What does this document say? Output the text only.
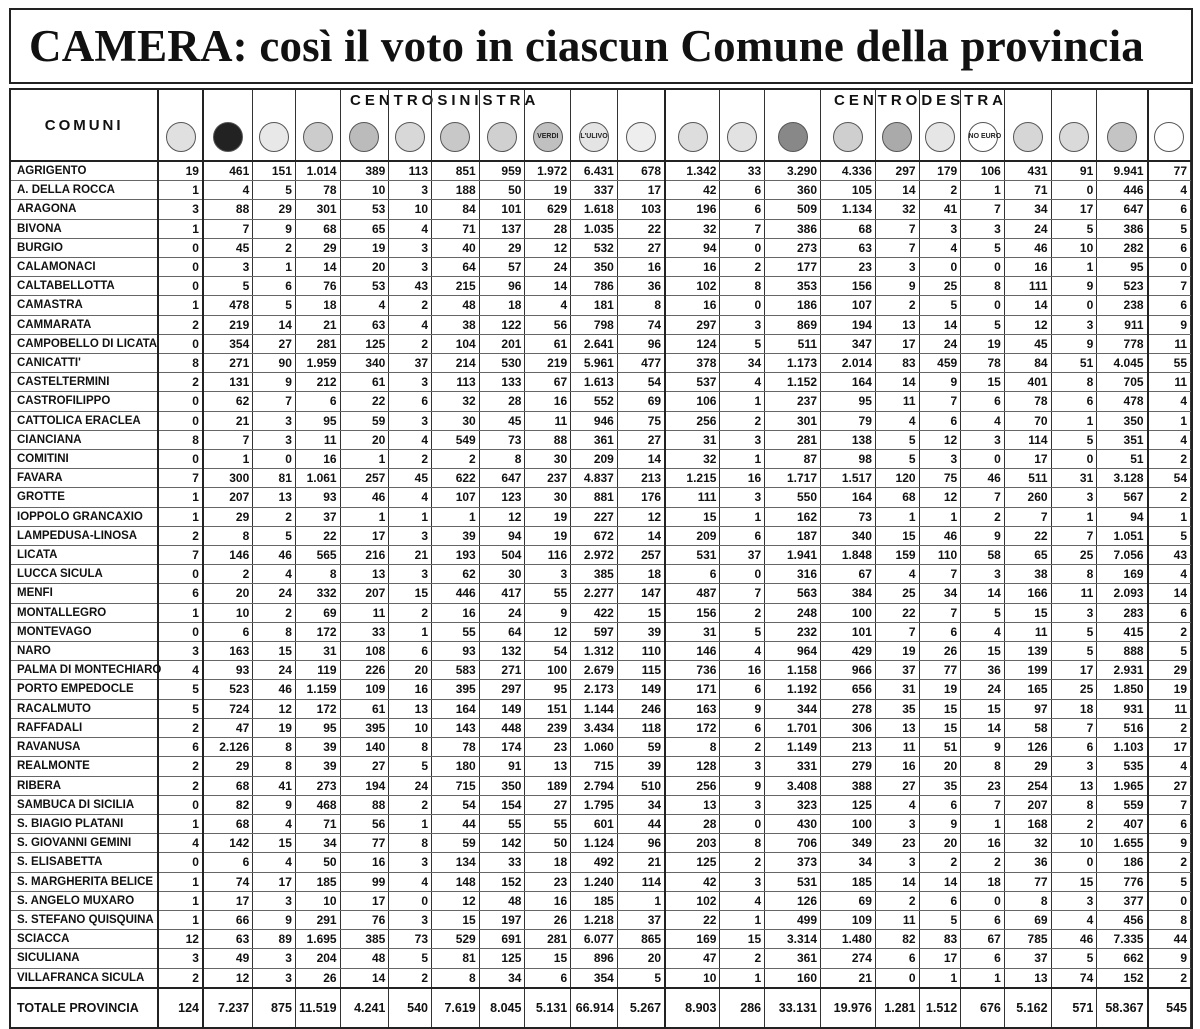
CAMERA: così il voto in ciascun Comune della provincia
CENTROSINISTRA	CENTRODESTRA
COMUNI									VERDI	L'ULIVO								NO EURO				

AGRIGENTO	19	461	151	1.014	389	113	851	959	1.972	6.431	678	1.342	33	3.290	4.336	297	179	106	431	91	9.941	77
A. DELLA ROCCA	1	4	5	78	10	3	188	50	19	337	17	42	6	360	105	14	2	1	71	0	446	4
ARAGONA	3	88	29	301	53	10	84	101	629	1.618	103	196	6	509	1.134	32	41	7	34	17	647	6
BIVONA	1	7	9	68	65	4	71	137	28	1.035	22	32	7	386	68	7	3	3	24	5	386	5
BURGIO	0	45	2	29	19	3	40	29	12	532	27	94	0	273	63	7	4	5	46	10	282	6
CALAMONACI	0	3	1	14	20	3	64	57	24	350	16	16	2	177	23	3	0	0	16	1	95	0
CALTABELLOTTA	0	5	6	76	53	43	215	96	14	786	36	102	8	353	156	9	25	8	111	9	523	7
CAMASTRA	1	478	5	18	4	2	48	18	4	181	8	16	0	186	107	2	5	0	14	0	238	6
CAMMARATA	2	219	14	21	63	4	38	122	56	798	74	297	3	869	194	13	14	5	12	3	911	9
CAMPOBELLO DI LICATA	0	354	27	281	125	2	104	201	61	2.641	96	124	5	511	347	17	24	19	45	9	778	11
CANICATTI'	8	271	90	1.959	340	37	214	530	219	5.961	477	378	34	1.173	2.014	83	459	78	84	51	4.045	55
CASTELTERMINI	2	131	9	212	61	3	113	133	67	1.613	54	537	4	1.152	164	14	9	15	401	8	705	11
CASTROFILIPPO	0	62	7	6	22	6	32	28	16	552	69	106	1	237	95	11	7	6	78	6	478	4
CATTOLICA ERACLEA	0	21	3	95	59	3	30	45	11	946	75	256	2	301	79	4	6	4	70	1	350	1
CIANCIANA	8	7	3	11	20	4	549	73	88	361	27	31	3	281	138	5	12	3	114	5	351	4
COMITINI	0	1	0	16	1	2	2	8	30	209	14	32	1	87	98	5	3	0	17	0	51	2
FAVARA	7	300	81	1.061	257	45	622	647	237	4.837	213	1.215	16	1.717	1.517	120	75	46	511	31	3.128	54
GROTTE	1	207	13	93	46	4	107	123	30	881	176	111	3	550	164	68	12	7	260	3	567	2
IOPPOLO GRANCAXIO	1	29	2	37	1	1	1	12	19	227	12	15	1	162	73	1	1	2	7	1	94	1
LAMPEDUSA-LINOSA	2	8	5	22	17	3	39	94	19	672	14	209	6	187	340	15	46	9	22	7	1.051	5
LICATA	7	146	46	565	216	21	193	504	116	2.972	257	531	37	1.941	1.848	159	110	58	65	25	7.056	43
LUCCA SICULA	0	2	4	8	13	3	62	30	3	385	18	6	0	316	67	4	7	3	38	8	169	4
MENFI	6	20	24	332	207	15	446	417	55	2.277	147	487	7	563	384	25	34	14	166	11	2.093	14
MONTALLEGRO	1	10	2	69	11	2	16	24	9	422	15	156	2	248	100	22	7	5	15	3	283	6
MONTEVAGO	0	6	8	172	33	1	55	64	12	597	39	31	5	232	101	7	6	4	11	5	415	2
NARO	3	163	15	31	108	6	93	132	54	1.312	110	146	4	964	429	19	26	15	139	5	888	5
PALMA DI MONTECHIARO	4	93	24	119	226	20	583	271	100	2.679	115	736	16	1.158	966	37	77	36	199	17	2.931	29
PORTO EMPEDOCLE	5	523	46	1.159	109	16	395	297	95	2.173	149	171	6	1.192	656	31	19	24	165	25	1.850	19
RACALMUTO	5	724	12	172	61	13	164	149	151	1.144	246	163	9	344	278	35	15	15	97	18	931	11
RAFFADALI	2	47	19	95	395	10	143	448	239	3.434	118	172	6	1.701	306	13	15	14	58	7	516	2
RAVANUSA	6	2.126	8	39	140	8	78	174	23	1.060	59	8	2	1.149	213	11	51	9	126	6	1.103	17
REALMONTE	2	29	8	39	27	5	180	91	13	715	39	128	3	331	279	16	20	8	29	3	535	4
RIBERA	2	68	41	273	194	24	715	350	189	2.794	510	256	9	3.408	388	27	35	23	254	13	1.965	27
SAMBUCA DI SICILIA	0	82	9	468	88	2	54	154	27	1.795	34	13	3	323	125	4	6	7	207	8	559	7
S. BIAGIO PLATANI	1	68	4	71	56	1	44	55	55	601	44	28	0	430	100	3	9	1	168	2	407	6
S. GIOVANNI GEMINI	4	142	15	34	77	8	59	142	50	1.124	96	203	8	706	349	23	20	16	32	10	1.655	9
S. ELISABETTA	0	6	4	50	16	3	134	33	18	492	21	125	2	373	34	3	2	2	36	0	186	2
S. MARGHERITA BELICE	1	74	17	185	99	4	148	152	23	1.240	114	42	3	531	185	14	14	18	77	15	776	5
S. ANGELO MUXARO	1	17	3	10	17	0	12	48	16	185	1	102	4	126	69	2	6	0	8	3	377	0
S. STEFANO QUISQUINA	1	66	9	291	76	3	15	197	26	1.218	37	22	1	499	109	11	5	6	69	4	456	8
SCIACCA	12	63	89	1.695	385	73	529	691	281	6.077	865	169	15	3.314	1.480	82	83	67	785	46	7.335	44
SICULIANA	3	49	3	204	48	5	81	125	15	896	20	47	2	361	274	6	17	6	37	5	662	9
VILLAFRANCA SICULA	2	12	3	26	14	2	8	34	6	354	5	10	1	160	21	0	1	1	13	74	152	2
TOTALE PROVINCIA	124	7.237	875	11.519	4.241	540	7.619	8.045	5.131	66.914	5.267	8.903	286	33.131	19.976	1.281	1.512	676	5.162	571	58.367	545
